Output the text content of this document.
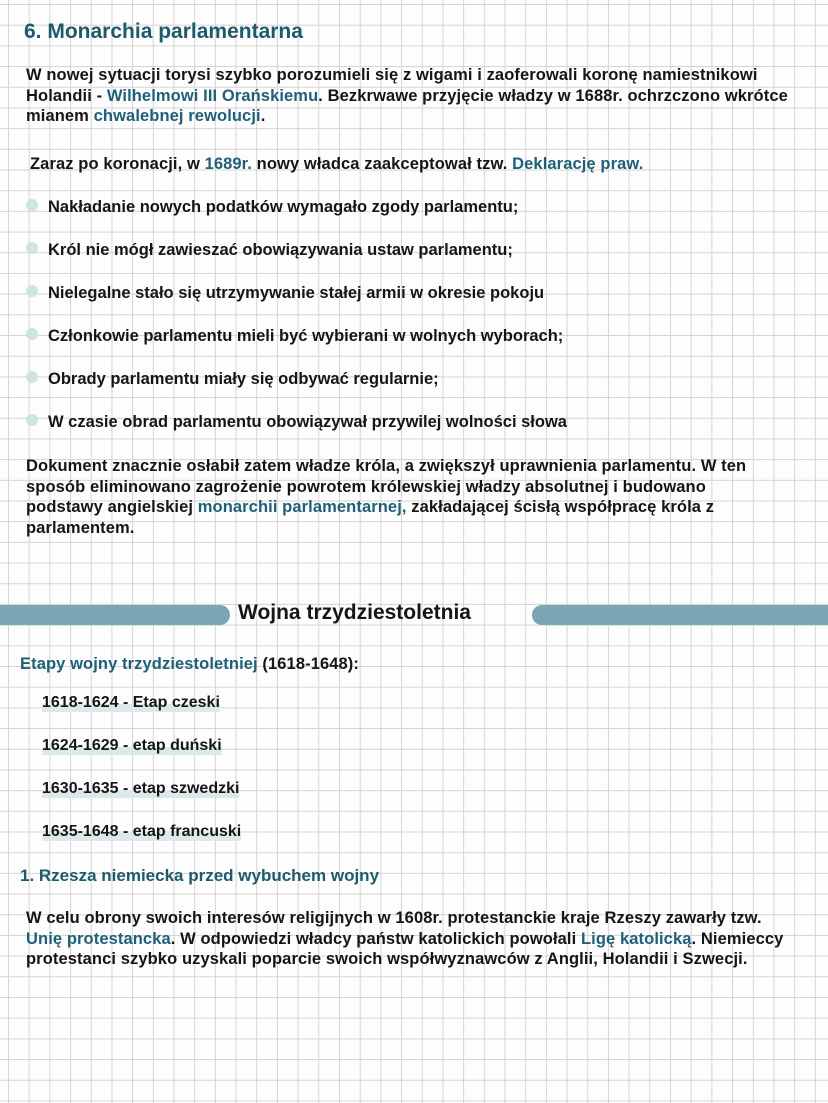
6. Monarchia parlamentarna
W nowej sytuacji torysi szybko porozumieli się z wigami i zaoferowali koronę namiestnikowi Holandii - Wilhelmowi III Orańskiemu. Bezkrwawe przyjęcie władzy w 1688r. ochrzczono wkrótce mianem chwalebnej rewolucji.
Zaraz po koronacji, w 1689r. nowy władca zaakceptował tzw. Deklarację praw.
Nakładanie nowych podatków wymagało zgody parlamentu;
Król nie mógł zawieszać obowiązywania ustaw parlamentu;
Nielegalne stało się utrzymywanie stałej armii w okresie pokoju
Członkowie parlamentu mieli być wybierani w wolnych wyborach;
Obrady parlamentu miały się odbywać regularnie;
W czasie obrad parlamentu obowiązywał przywilej wolności słowa
Dokument znacznie osłabił zatem władze króla, a zwiększył uprawnienia parlamentu. W ten sposób eliminowano zagrożenie powrotem królewskiej władzy absolutnej i budowano podstawy angielskiej monarchii parlamentarnej, zakładającej ścisłą współpracę króla z parlamentem.
Wojna trzydziestoletnia
Etapy wojny trzydziestoletniej (1618-1648):
1618-1624 - Etap czeski
1624-1629 - etap duński
1630-1635 - etap szwedzki
1635-1648 - etap francuski
1. Rzesza niemiecka przed wybuchem wojny
W celu obrony swoich interesów religijnych w 1608r. protestanckie kraje Rzeszy zawarły tzw. Unię protestancka. W odpowiedzi władcy państw katolickich powołali Ligę katolicką. Niemieccy protestanci szybko uzyskali poparcie swoich współwyznawców z Anglii, Holandii i Szwecji.
